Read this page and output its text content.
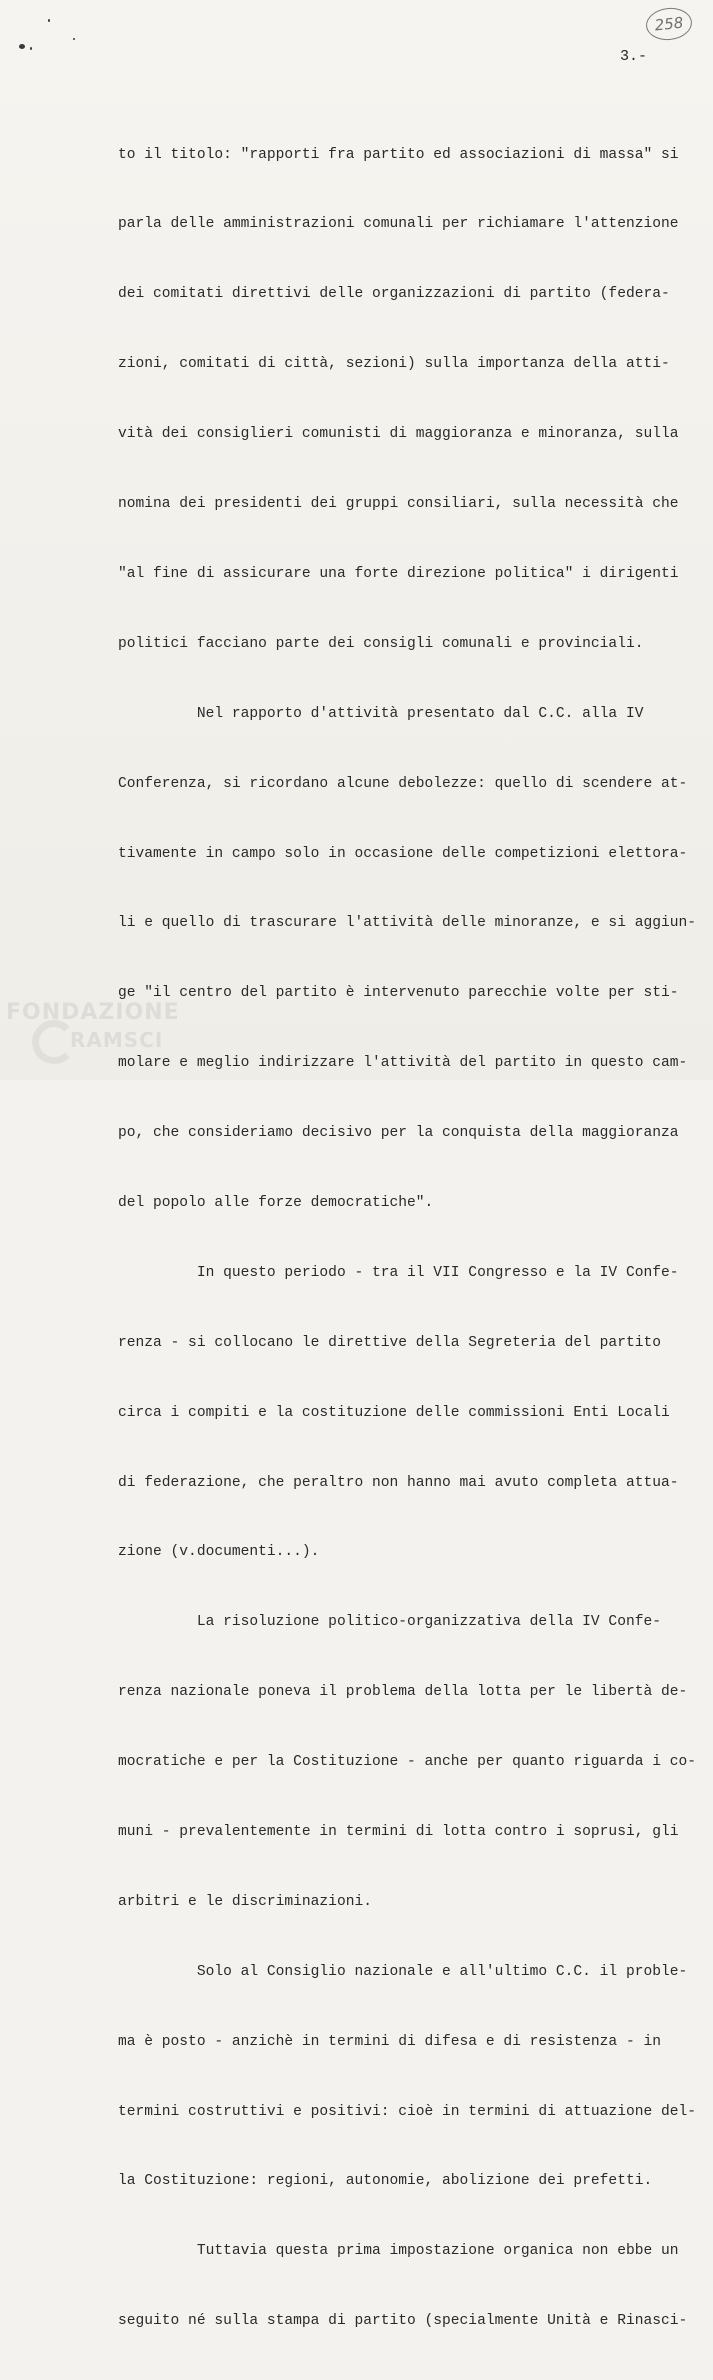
258
3.-

to il titolo: "rapporti fra partito ed associazioni di massa" si

parla delle amministrazioni comunali per richiamare l'attenzione

dei comitati direttivi delle organizzazioni di partito (federa-

zioni, comitati di città, sezioni) sulla importanza della atti-

vità dei consiglieri comunisti di maggioranza e minoranza, sulla

nomina dei presidenti dei gruppi consiliari, sulla necessità che

"al fine di assicurare una forte direzione politica" i dirigenti

politici facciano parte dei consigli comunali e provinciali.

Nel rapporto d'attività presentato dal C.C. alla IV

Conferenza, si ricordano alcune debolezze: quello di scendere at-

tivamente in campo solo in occasione delle competizioni elettora-

li e quello di trascurare l'attività delle minoranze, e si aggiun-

ge "il centro del partito è intervenuto parecchie volte per sti-

molare e meglio indirizzare l'attività del partito in questo cam-

po, che consideriamo decisivo per la conquista della maggioranza

del popolo alle forze democratiche".

In questo periodo - tra il VII Congresso e la IV Confe-

renza - si collocano le direttive della Segreteria del partito

circa i compiti e la costituzione delle commissioni Enti Locali

di federazione, che peraltro non hanno mai avuto completa attua-

zione (v.documenti...).

La risoluzione politico-organizzativa della IV Confe-

renza nazionale poneva il problema della lotta per le libertà de-

mocratiche e per la Costituzione - anche per quanto riguarda i co-

muni - prevalentemente in termini di lotta contro i soprusi, gli

arbitri e le discriminazioni.

Solo al Consiglio nazionale e all'ultimo C.C. il proble-

ma è posto - anzichè in termini di difesa e di resistenza - in

termini costruttivi e positivi: cioè in termini di attuazione del-

la Costituzione: regioni, autonomie, abolizione dei prefetti.

Tuttavia questa prima impostazione organica non ebbe un

seguito né sulla stampa di partito (specialmente Unità e Rinasci-

FONDAZIONE
RAMSCI
